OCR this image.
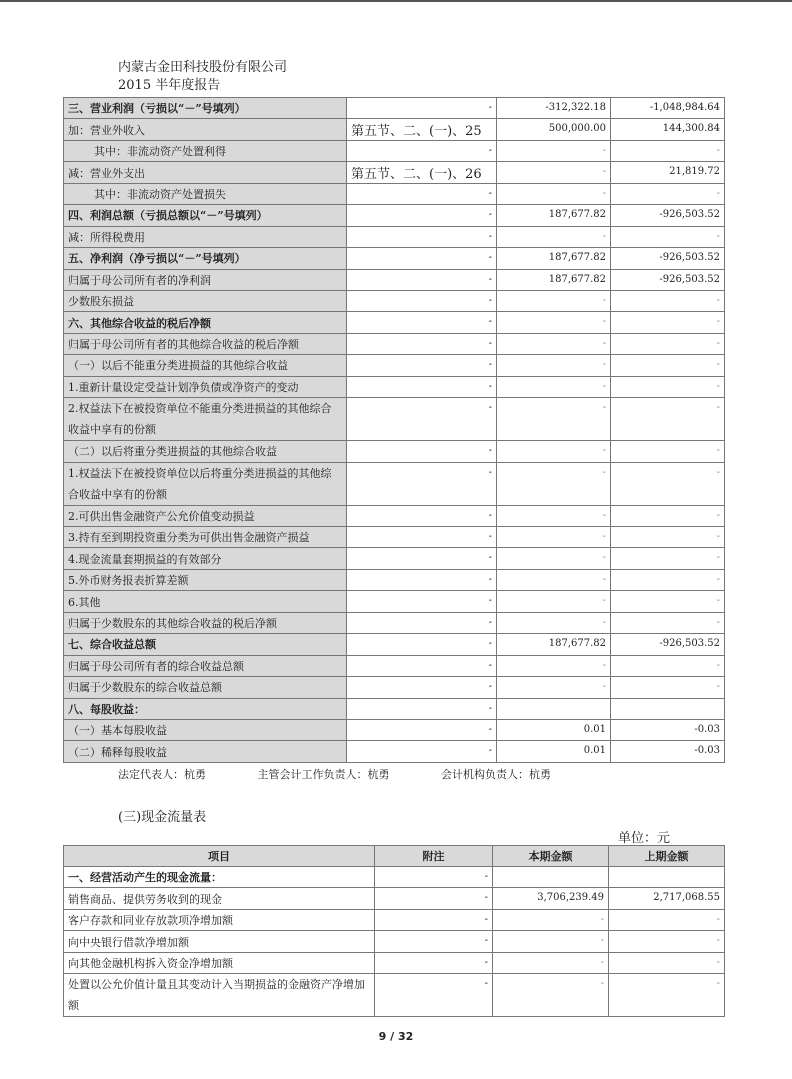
内蒙古金田科技股份有限公司
2015 半年度报告
三、营业利润（亏损以“－”号填列）	-	-312,322.18	-1,048,984.64
加：营业外收入	第五节、二、(一)、25	500,000.00	144,300.84
其中：非流动资产处置利得	-	-	-
减：营业外支出	第五节、二、(一)、26	-	21,819.72
其中：非流动资产处置损失	-	-	-
四、利润总额（亏损总额以“－”号填列）	-	187,677.82	-926,503.52
减：所得税费用	-	-	-
五、净利润（净亏损以“－”号填列）	-	187,677.82	-926,503.52
归属于母公司所有者的净利润	-	187,677.82	-926,503.52
少数股东损益	-	-	-
六、其他综合收益的税后净额	-	-	-
归属于母公司所有者的其他综合收益的税后净额	-	-	-
（一）以后不能重分类进损益的其他综合收益	-	-	-
1.重新计量设定受益计划净负债或净资产的变动	-	-	-
2.权益法下在被投资单位不能重分类进损益的其他综合收益中享有的份额	-	-	-
（二）以后将重分类进损益的其他综合收益	-	-	-
1.权益法下在被投资单位以后将重分类进损益的其他综合收益中享有的份额	-	-	-
2.可供出售金融资产公允价值变动损益	-	-	-
3.持有至到期投资重分类为可供出售金融资产损益	-	-	-
4.现金流量套期损益的有效部分	-	-	-
5.外币财务报表折算差额	-	-	-
6.其他	-	-	-
归属于少数股东的其他综合收益的税后净额	-	-	-
七、综合收益总额	-	187,677.82	-926,503.52
归属于母公司所有者的综合收益总额	-	-	-
归属于少数股东的综合收益总额	-	-	-
八、每股收益：	-		
（一）基本每股收益	-	0.01	-0.03
（二）稀释每股收益	-	0.01	-0.03
法定代表人：杭勇	主管会计工作负责人：杭勇	会计机构负责人：杭勇
(三)现金流量表
单位：元
项目	附注	本期金额	上期金额
一、经营活动产生的现金流量：	-		
销售商品、提供劳务收到的现金	-	3,706,239.49	2,717,068.55
客户存款和同业存放款项净增加额	-	-	-
向中央银行借款净增加额	-	-	-
向其他金融机构拆入资金净增加额	-	-	-
处置以公允价值计量且其变动计入当期损益的金融资产净增加额	-	-	-
9 / 32
